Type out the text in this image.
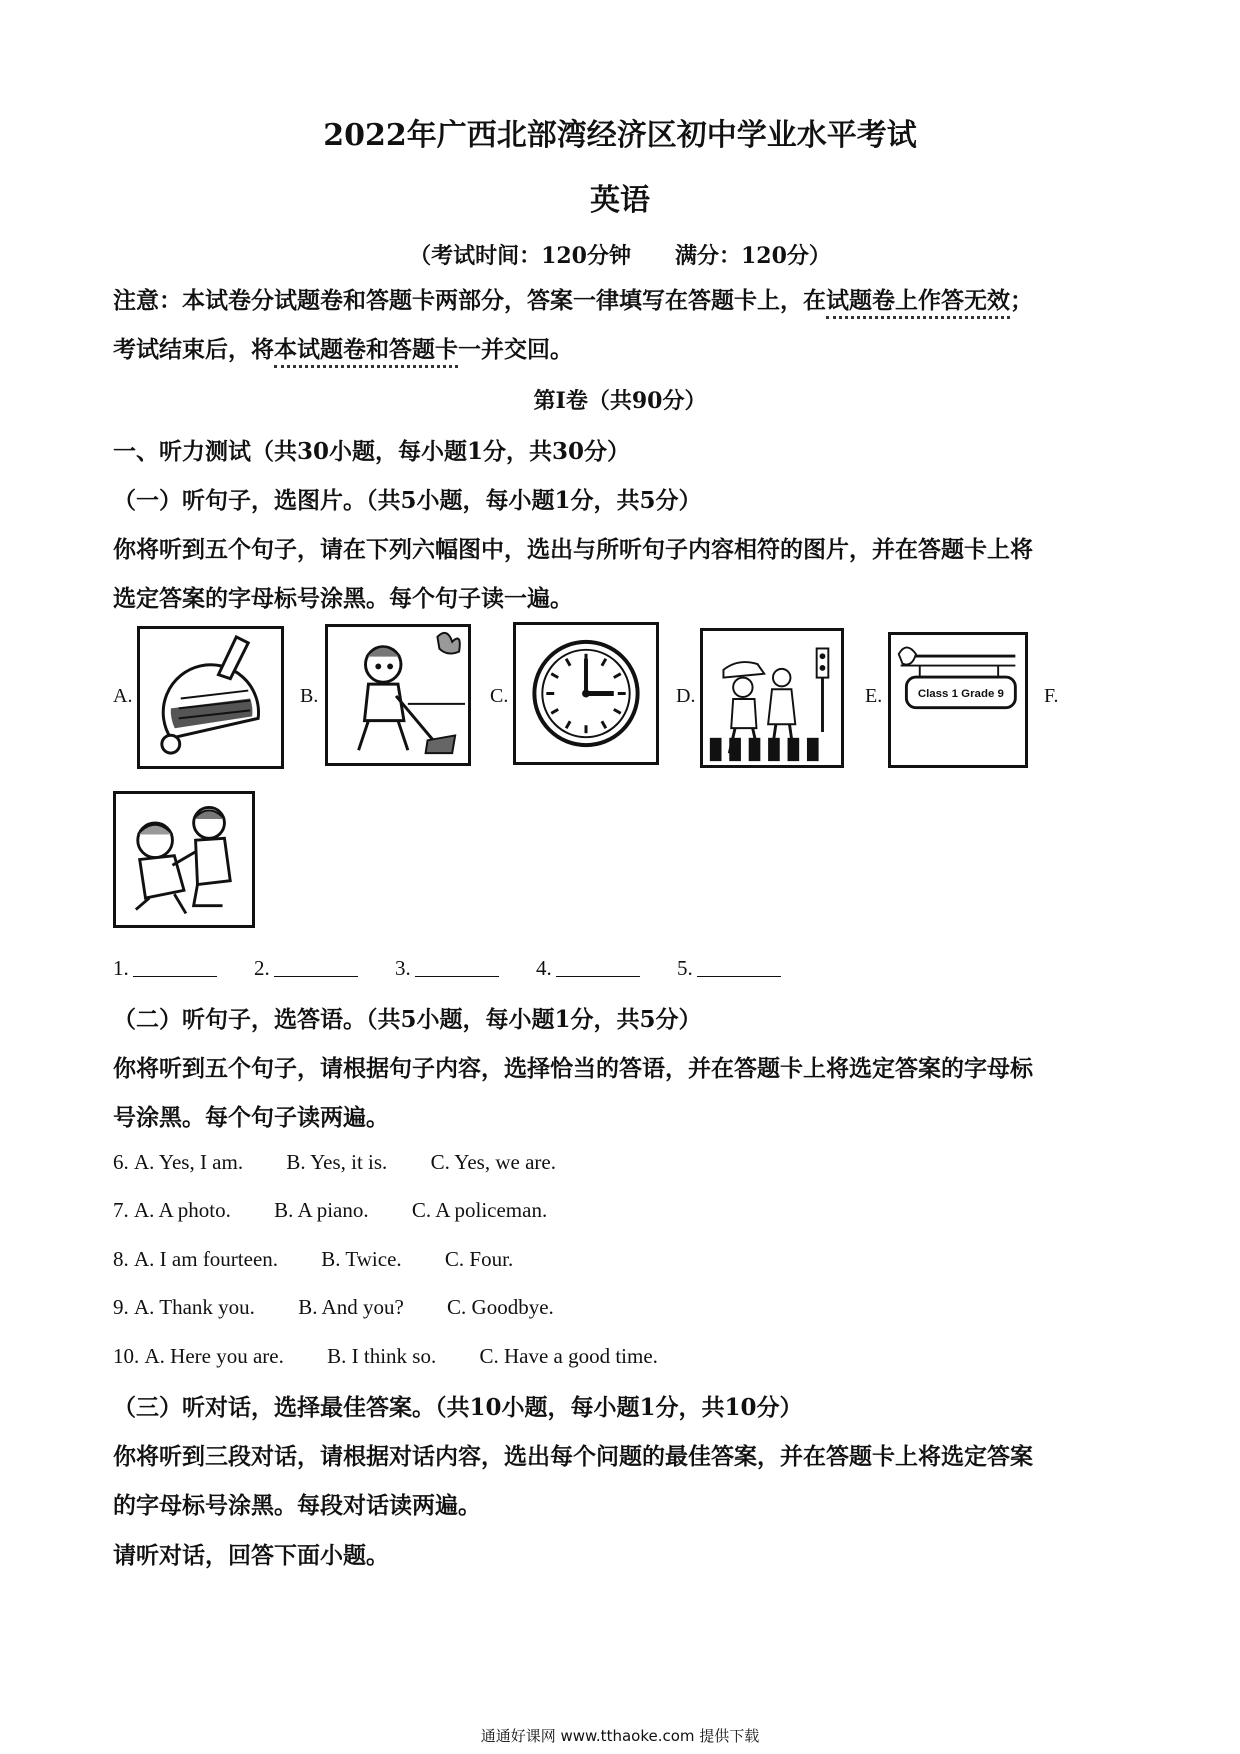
2022年广西北部湾经济区初中学业水平考试
英语
（考试时间：120分钟　　满分：120分）
注意：本试卷分试题卷和答题卡两部分，答案一律填写在答题卡上，在试题卷上作答无效；
考试结束后，将本试题卷和答题卡一并交回。
第I卷（共90分）
一、听力测试（共30小题，每小题1分，共30分）
（一）听句子，选图片。（共5小题，每小题1分，共5分）
你将听到五个句子，请在下列六幅图中，选出与所听句子内容相符的图片，并在答题卡上将
选定答案的字母标号涂黑。每个句子读一遍。
A.	B.	C.	D.	E.	Class 1 Grade 9 F.
1.	2.	3.	4.	5.
（二）听句子，选答语。（共5小题，每小题1分，共5分）
你将听到五个句子，请根据句子内容，选择恰当的答语，并在答题卡上将选定答案的字母标
号涂黑。每个句子读两遍。
6. A. Yes, I am. B. Yes, it is. C. Yes, we are.
7. A. A photo. B. A piano. C. A policeman.
8. A. I am fourteen. B. Twice. C. Four.
9. A. Thank you. B. And you? C. Goodbye.
10. A. Here you are. B. I think so. C. Have a good time.
（三）听对话，选择最佳答案。（共10小题，每小题1分，共10分）
你将听到三段对话，请根据对话内容，选出每个问题的最佳答案，并在答题卡上将选定答案
的字母标号涂黑。每段对话读两遍。
请听对话，回答下面小题。
通通好课网 www.tthaoke.com 提供下载
